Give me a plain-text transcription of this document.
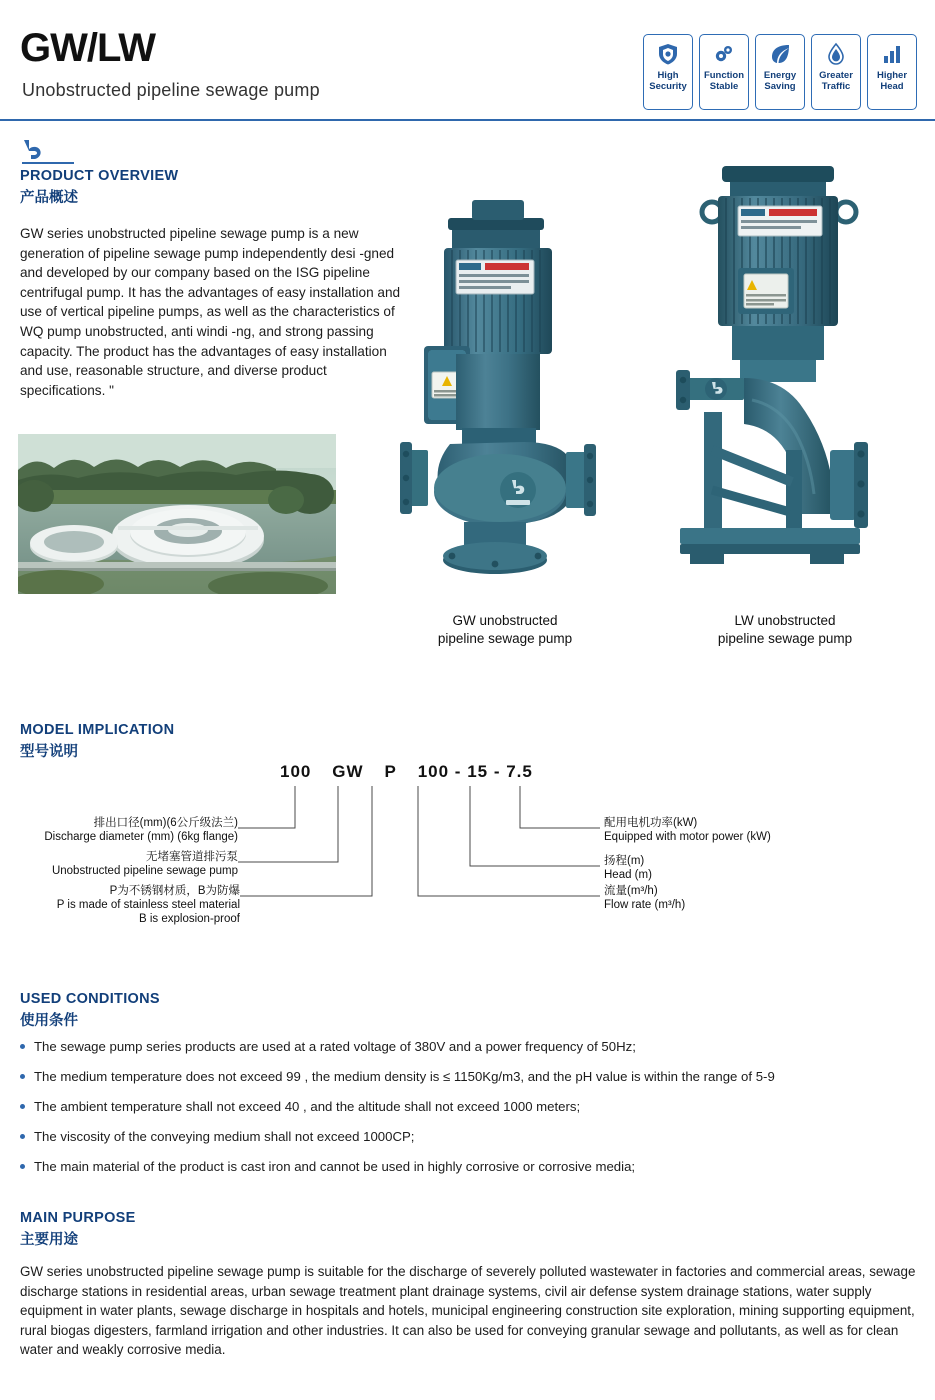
GW/LW
Unobstructed pipeline sewage pump
High
Security
Function
Stable
Energy
Saving
Greater
Traffic
Higher
Head
PRODUCT OVERVIEW
产品概述
GW series unobstructed pipeline sewage pump is a new generation of pipeline sewage pump independently desi -gned and developed by our company based on the ISG pipeline centrifugal pump. It has the advantages of easy installation and use of vertical pipeline pumps, as well as the characteristics of WQ pump unobstructed, anti windi -ng, and strong passing capacity. The product has the advantages of easy installation and use, reasonable structure, and diverse product specifications. "
GW unobstructed
pipeline sewage pump
LW unobstructed
pipeline sewage pump
MODEL IMPLICATION
型号说明
100 GW P 100 - 15 - 7.5
排出口径(mm)(6公斤级法兰)
Discharge diameter (mm) (6kg flange)
无堵塞管道排污泵
Unobstructed pipeline sewage pump
P为不锈钢材质，B为防爆
P is made of stainless steel material
B is explosion-proof
配用电机功率(kW)
Equipped with motor power (kW)
扬程(m)
Head (m)
流量(m³/h)
Flow rate (m³/h)
USED CONDITIONS
使用条件
The sewage pump series products are used at a rated voltage of 380V and a power frequency of 50Hz;
The medium temperature does not exceed 99 , the medium density is ≤ 1150Kg/m3, and the pH value is within the range of 5-9
The ambient temperature shall not exceed 40 , and the altitude shall not exceed 1000 meters;
The viscosity of the conveying medium shall not exceed 1000CP;
The main material of the product is cast iron and cannot be used in highly corrosive or corrosive media;
MAIN PURPOSE
主要用途
GW series unobstructed pipeline sewage pump is suitable for the discharge of severely polluted wastewater in factories and commercial areas, sewage discharge stations in residential areas, urban sewage treatment plant drainage systems, civil air defense system drainage stations, water supply equipment in water plants, sewage discharge in hospitals and hotels, municipal engineering construction site exploration, mining supporting equipment, rural biogas digesters, farmland irrigation and other industries. It can also be used for conveying granular sewage and pollutants, as well as for clean water and weakly corrosive media.
